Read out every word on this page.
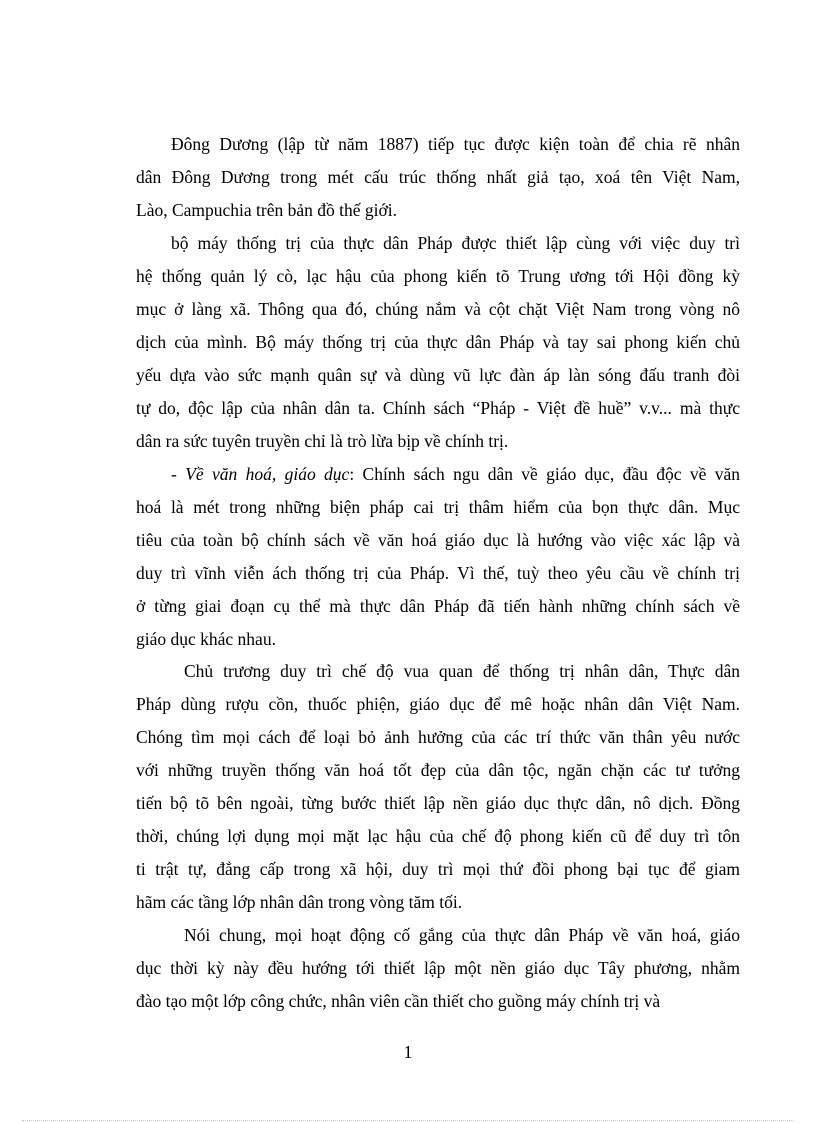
Đông Dương (lập từ năm 1887) tiếp tục được kiện toàn để chia rẽ nhân
dân Đông Dương trong mét cấu trúc thống nhất giả tạo, xoá tên Việt Nam,
Lào, Campuchia trên bản đồ thế giới.
bộ máy thống trị của thực dân Pháp được thiết lập cùng với việc duy trì
hệ thống quản lý cò, lạc hậu của phong kiến tõ Trung ương tới Hội đồng kỳ
mục ở làng xã. Thông qua đó, chúng nắm và cột chặt Việt Nam trong vòng nô
dịch của mình. Bộ máy thống trị của thực dân Pháp và tay sai phong kiến chủ
yếu dựa vào sức mạnh quân sự và dùng vũ lực đàn áp làn sóng đấu tranh đòi
tự do, độc lập của nhân dân ta. Chính sách “Pháp - Việt đề huề” v.v... mà thực
dân ra sức tuyên truyền chỉ là trò lừa bịp về chính trị.
- Về văn hoá, giáo dục: Chính sách ngu dân về giáo dục, đầu độc về văn
hoá là mét trong những biện pháp cai trị thâm hiểm của bọn thực dân. Mục
tiêu của toàn bộ chính sách về văn hoá giáo dục là hướng vào việc xác lập và
duy trì vĩnh viễn ách thống trị của Pháp. Vì thế, tuỳ theo yêu cầu về chính trị
ở từng giai đoạn cụ thể mà thực dân Pháp đã tiến hành những chính sách về
giáo dục khác nhau.
Chủ trương duy trì chế độ vua quan để thống trị nhân dân, Thực dân
Pháp dùng rượu cồn, thuốc phiện, giáo dục để mê hoặc nhân dân Việt Nam.
Chóng tìm mọi cách để loại bỏ ảnh hưởng của các trí thức văn thân yêu nước
với những truyền thống văn hoá tốt đẹp của dân tộc, ngăn chặn các tư tưởng
tiến bộ tõ bên ngoài, từng bước thiết lập nền giáo dục thực dân, nô dịch. Đồng
thời, chúng lợi dụng mọi mặt lạc hậu của chế độ phong kiến cũ để duy trì tôn
ti trật tự, đẳng cấp trong xã hội, duy trì mọi thứ đồi phong bại tục để giam
hãm các tầng lớp nhân dân trong vòng tăm tối.
Nói chung, mọi hoạt động cố gắng của thực dân Pháp về văn hoá, giáo
dục thời kỳ này đều hướng tới thiết lập một nền giáo dục Tây phương, nhằm
đào tạo một lớp công chức, nhân viên cần thiết cho guồng máy chính trị và
1
